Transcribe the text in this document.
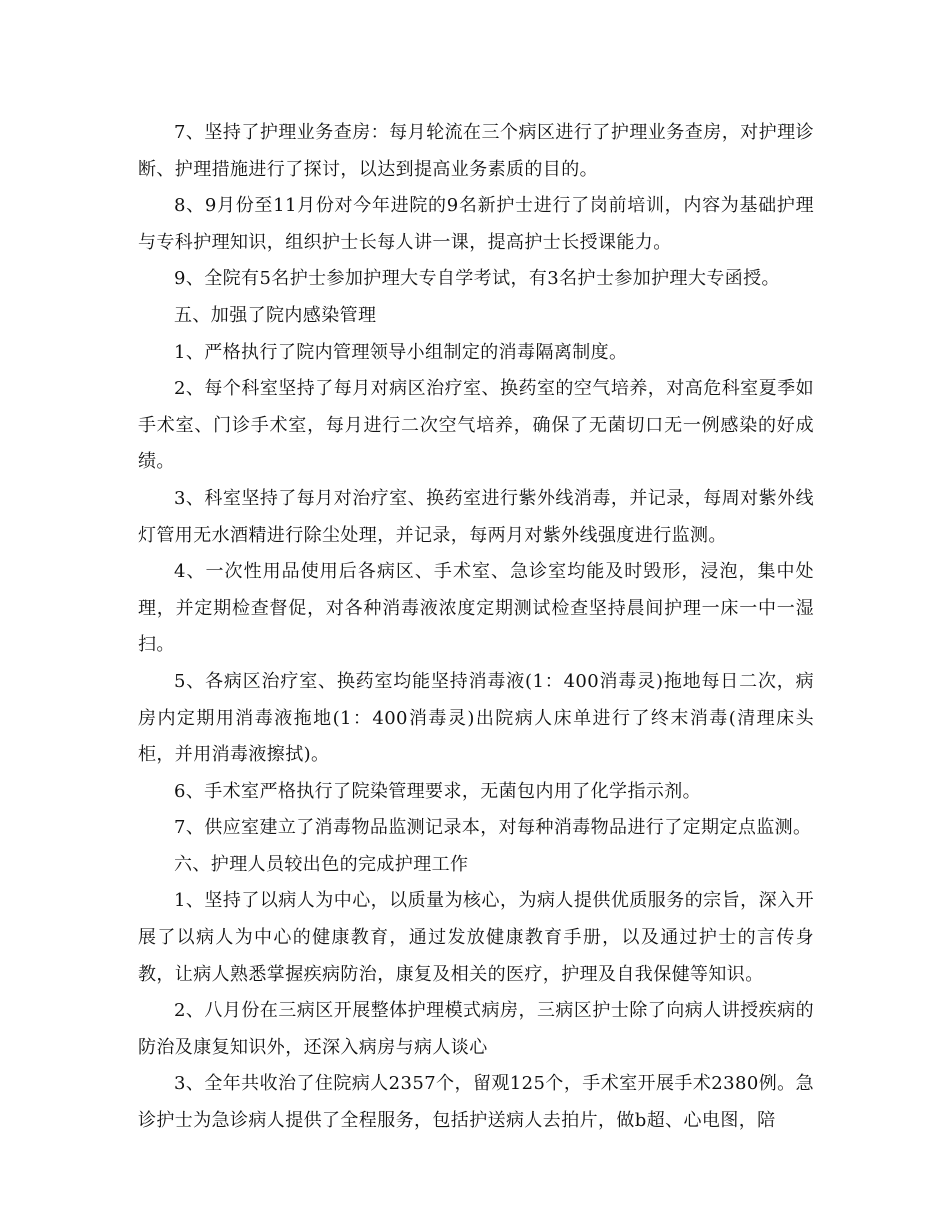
7、坚持了护理业务查房：每月轮流在三个病区进行了护理业务查房，对护理诊断、护理措施进行了探讨，以达到提高业务素质的目的。

8、9月份至11月份对今年进院的9名新护士进行了岗前培训，内容为基础护理与专科护理知识，组织护士长每人讲一课，提高护士长授课能力。

9、全院有5名护士参加护理大专自学考试，有3名护士参加护理大专函授。

五、加强了院内感染管理

1、严格执行了院内管理领导小组制定的消毒隔离制度。

2、每个科室坚持了每月对病区治疗室、换药室的空气培养，对高危科室夏季如手术室、门诊手术室，每月进行二次空气培养，确保了无菌切口无一例感染的好成绩。

3、科室坚持了每月对治疗室、换药室进行紫外线消毒，并记录，每周对紫外线灯管用无水酒精进行除尘处理，并记录，每两月对紫外线强度进行监测。

4、一次性用品使用后各病区、手术室、急诊室均能及时毁形，浸泡，集中处理，并定期检查督促，对各种消毒液浓度定期测试检查坚持晨间护理一床一中一湿扫。

5、各病区治疗室、换药室均能坚持消毒液(1：400消毒灵)拖地每日二次，病房内定期用消毒液拖地(1：400消毒灵)出院病人床单进行了终末消毒(清理床头柜，并用消毒液擦拭)。

6、手术室严格执行了院染管理要求，无菌包内用了化学指示剂。

7、供应室建立了消毒物品监测记录本，对每种消毒物品进行了定期定点监测。

六、护理人员较出色的完成护理工作

1、坚持了以病人为中心，以质量为核心，为病人提供优质服务的宗旨，深入开展了以病人为中心的健康教育，通过发放健康教育手册，以及通过护士的言传身教，让病人熟悉掌握疾病防治，康复及相关的医疗，护理及自我保健等知识。

2、八月份在三病区开展整体护理模式病房，三病区护士除了向病人讲授疾病的防治及康复知识外，还深入病房与病人谈心

3、全年共收治了住院病人2357个，留观125个，手术室开展手术2380例。急诊护士为急诊病人提供了全程服务，包括护送病人去拍片，做b超、心电图，陪
